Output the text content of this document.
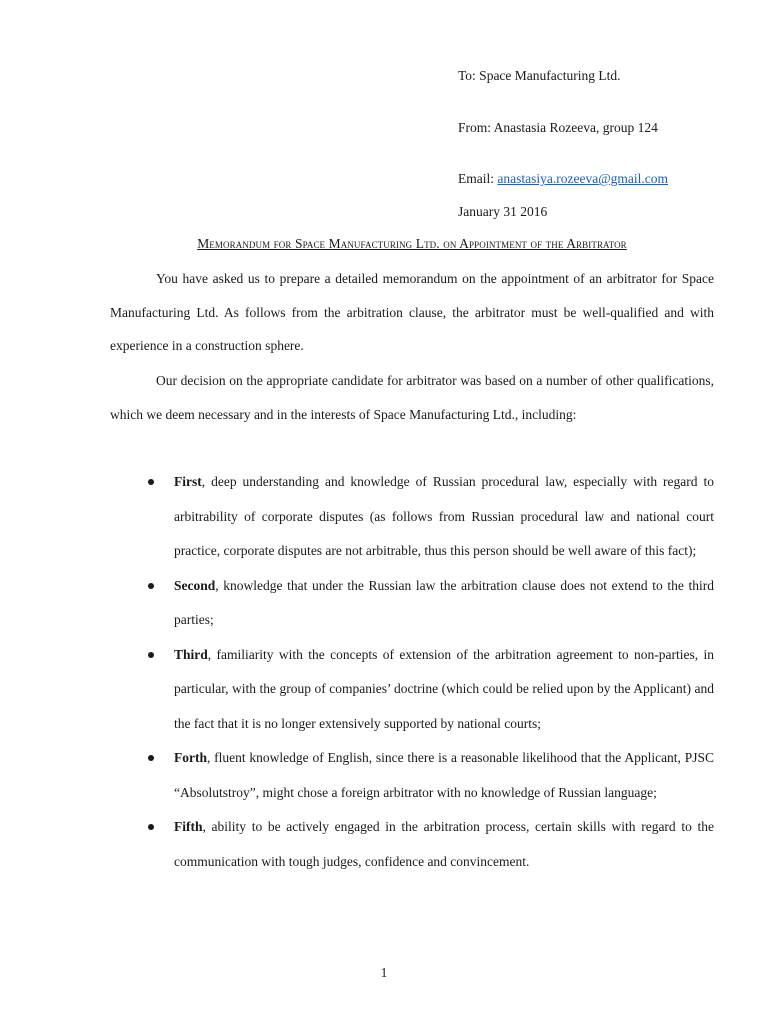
To: Space Manufacturing Ltd.
From: Anastasia Rozeeva, group 124
Email: anastasiya.rozeeva@gmail.com
January 31 2016
Memorandum for Space Manufacturing Ltd. on Appointment of the Arbitrator
You have asked us to prepare a detailed memorandum on the appointment of an arbitrator for Space Manufacturing Ltd. As follows from the arbitration clause, the arbitrator must be well-qualified and with experience in a construction sphere.
Our decision on the appropriate candidate for arbitrator was based on a number of other qualifications, which we deem necessary and in the interests of Space Manufacturing Ltd., including:
First, deep understanding and knowledge of Russian procedural law, especially with regard to arbitrability of corporate disputes (as follows from Russian procedural law and national court practice, corporate disputes are not arbitrable, thus this person should be well aware of this fact);
Second, knowledge that under the Russian law the arbitration clause does not extend to the third parties;
Third, familiarity with the concepts of extension of the arbitration agreement to non-parties, in particular, with the group of companies’ doctrine (which could be relied upon by the Applicant) and the fact that it is no longer extensively supported by national courts;
Forth, fluent knowledge of English, since there is a reasonable likelihood that the Applicant, PJSC “Absolutstroy”, might chose a foreign arbitrator with no knowledge of Russian language;
Fifth, ability to be actively engaged in the arbitration process, certain skills with regard to the communication with tough judges, confidence and convincement.
1
